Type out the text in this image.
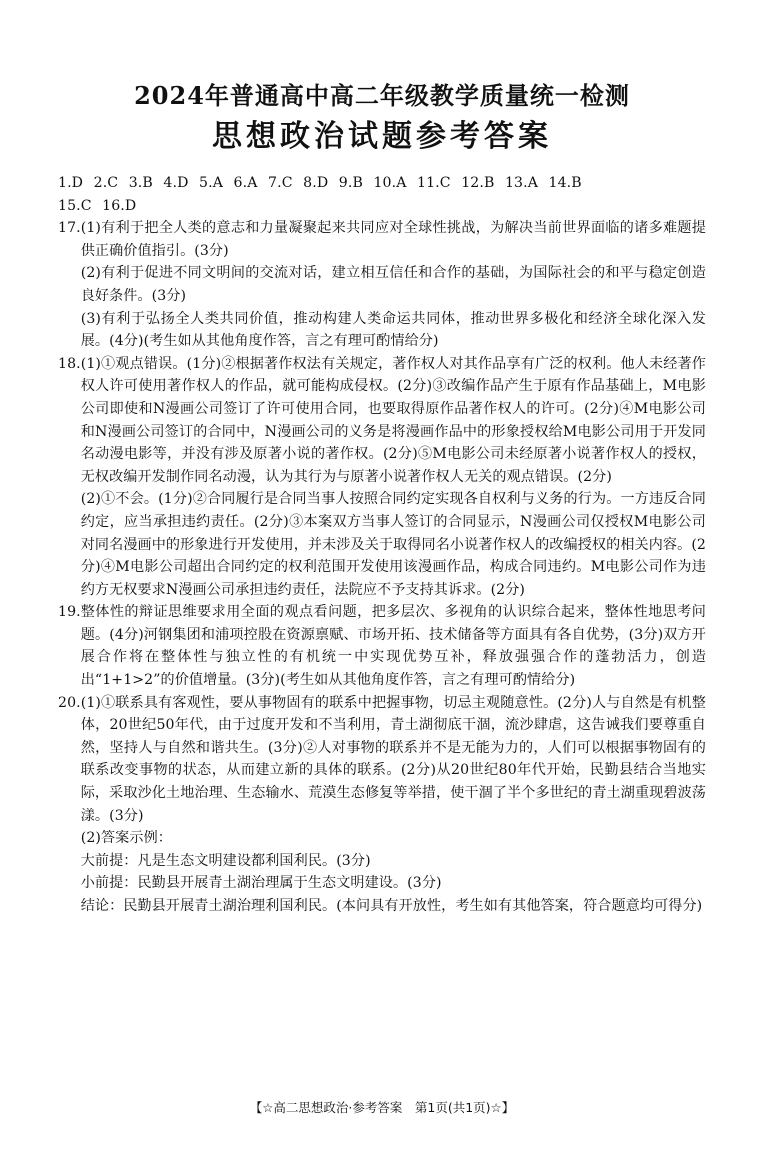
2024年普通高中高二年级教学质量统一检测
思想政治试题参考答案
1.D 2.C 3.B 4.D 5.A 6.A 7.C 8.D 9.B 10.A 11.C 12.B 13.A 14.B
15.C 16.D
17. (1)有利于把全人类的意志和力量凝聚起来共同应对全球性挑战，为解决当前世界面临的诸多难题提供正确价值指引。(3分)

(2)有利于促进不同文明间的交流对话，建立相互信任和合作的基础，为国际社会的和平与稳定创造良好条件。(3分)

(3)有利于弘扬全人类共同价值，推动构建人类命运共同体，推动世界多极化和经济全球化深入发展。(4分)(考生如从其他角度作答，言之有理可酌情给分)

18. (1)①观点错误。(1分)②根据著作权法有关规定，著作权人对其作品享有广泛的权利。他人未经著作权人许可使用著作权人的作品，就可能构成侵权。(2分)③改编作品产生于原有作品基础上，M电影公司即使和N漫画公司签订了许可使用合同，也要取得原作品著作权人的许可。(2分)④M电影公司和N漫画公司签订的合同中，N漫画公司的义务是将漫画作品中的形象授权给M电影公司用于开发同名动漫电影等，并没有涉及原著小说的著作权。(2分)⑤M电影公司未经原著小说著作权人的授权，无权改编开发制作同名动漫，认为其行为与原著小说著作权人无关的观点错误。(2分)

(2)①不会。(1分)②合同履行是合同当事人按照合同约定实现各自权利与义务的行为。一方违反合同约定，应当承担违约责任。(2分)③本案双方当事人签订的合同显示，N漫画公司仅授权M电影公司对同名漫画中的形象进行开发使用，并未涉及关于取得同名小说著作权人的改编授权的相关内容。(2分)④M电影公司超出合同约定的权利范围开发使用该漫画作品，构成合同违约。M电影公司作为违约方无权要求N漫画公司承担违约责任，法院应不予支持其诉求。(2分)

19. 整体性的辩证思维要求用全面的观点看问题，把多层次、多视角的认识综合起来，整体性地思考问题。(4分)河钢集团和浦项控股在资源禀赋、市场开拓、技术储备等方面具有各自优势，(3分)双方开展合作将在整体性与独立性的有机统一中实现优势互补，释放强强合作的蓬勃活力，创造出“1+1>2”的价值增量。(3分)(考生如从其他角度作答，言之有理可酌情给分)

20. (1)①联系具有客观性，要从事物固有的联系中把握事物，切忌主观随意性。(2分)人与自然是有机整体，20世纪50年代，由于过度开发和不当利用，青土湖彻底干涸，流沙肆虐，这告诫我们要尊重自然，坚持人与自然和谐共生。(3分)②人对事物的联系并不是无能为力的，人们可以根据事物固有的联系改变事物的状态，从而建立新的具体的联系。(2分)从20世纪80年代开始，民勤县结合当地实际，采取沙化土地治理、生态输水、荒漠生态修复等举措，使干涸了半个多世纪的青土湖重现碧波荡漾。(3分)

(2)答案示例：

大前提：凡是生态文明建设都利国利民。(3分)

小前提：民勤县开展青土湖治理属于生态文明建设。(3分)

结论：民勤县开展青土湖治理利国利民。(本问具有开放性，考生如有其他答案，符合题意均可得分)

【☆高二思想政治·参考答案　第1页(共1页)☆】
